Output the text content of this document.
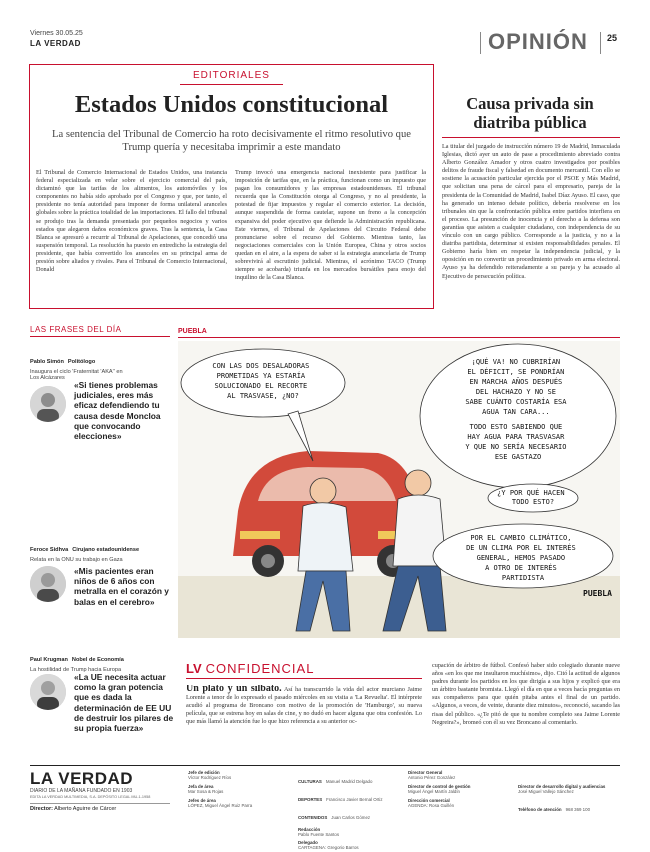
Viernes 30.05.25
LA VERDAD	OPINIÓN 25
EDITORIALES
Estados Unidos constitucional
La sentencia del Tribunal de Comercio ha roto decisivamente el ritmo resolutivo que Trump quería y necesitaba imprimir a este mandato

El Tribunal de Comercio Internacional de Estados Unidos, una instancia federal especializada en velar sobre el ejercicio comercial del país, dictaminó que las tarifas de los alimentos, los automóviles y los componentes no había sido aprobado por el Congreso y que, por tanto, el presidente no tenía autoridad para imponer de forma unilateral aranceles globales sobre la práctica totalidad de las importaciones. El fallo del tribunal se produjo tras la demanda presentada por pequeños negocios y varios estados que alegaron daños económicos graves. Tras la sentencia, la Casa Blanca se apresuró a recurrir al Tribunal de Apelaciones, que concedió una suspensión temporal. La resolución ha puesto en entredicho la estrategia del presidente, que había convertido los aranceles en su principal arma de presión sobre aliados y rivales. Para el Tribunal de Comercio Internacional, Donald

Trump invocó una emergencia nacional inexistente para justificar la imposición de tarifas que, en la práctica, funcionan como un impuesto que pagan los consumidores y las empresas estadounidenses. El tribunal recuerda que la Constitución otorga al Congreso, y no al presidente, la potestad de fijar impuestos y regular el comercio exterior. La decisión, aunque suspendida de forma cautelar, supone un freno a la concepción expansiva del poder ejecutivo que defiende la Administración republicana. Este viernes, el Tribunal de Apelaciones del Circuito Federal debe pronunciarse sobre el recurso del Gobierno. Mientras tanto, las negociaciones comerciales con la Unión Europea, China y otros socios quedan en el aire, a la espera de saber si la estrategia arancelaria de Trump sobrevivirá al escrutinio judicial. Mientras, el acrónimo TACO (Trump siempre se acobarda) triunfa en los mercados bursátiles para enojo del inquilino de la Casa Blanca.

Causa privada sin diatriba pública

La titular del juzgado de instrucción número 19 de Madrid, Inmaculada Iglesias, dictó ayer un auto de pase a procedimiento abreviado contra Alberto González Amador y otros cuatro investigados por posibles delitos de fraude fiscal y falsedad en documento mercantil. Con ello se sostiene la acusación particular ejercida por el PSOE y Más Madrid, que solicitan una pena de cárcel para el empresario, pareja de la presidenta de la Comunidad de Madrid, Isabel Díaz Ayuso. El caso, que ha generado un intenso debate político, debería resolverse en los tribunales sin que la confrontación pública entre partidos interfiera en el proceso. La presunción de inocencia y el derecho a la defensa son garantías que asisten a cualquier ciudadano, con independencia de su vínculo con un cargo público. Corresponde a la justicia, y no a la diatriba partidista, determinar si existen responsabilidades penales. El Gobierno haría bien en respetar la independencia judicial, y la oposición en no convertir un procedimiento privado en arma electoral. Ayuso ya ha defendido reiteradamente a su pareja y ha acusado al Ejecutivo de persecución política.

LAS FRASES DEL DÍA
Pablo Simón Politólogo
Inaugura el ciclo 'Fraternitat 'AKA'' en Los Alcázares
«Si tienes problemas judiciales, eres más eficaz defendiendo tu causa desde Moncloa que convocando elecciones»
Feroce Sidhva Cirujano estadounidense
Relata en la ONU su trabajo en Gaza
«Mis pacientes eran niños de 6 años con metralla en el corazón y balas en el cerebro»
Paul Krugman Nobel de Economía
La hostilidad de Trump hacia Europa
«La UE necesita actuar como la gran potencia que es dada la determinación de EE UU de destruir los pilares de su propia fuerza»
PUEBLA
CON LAS DOS DESALADORAS PROMETIDAS YA ESTARÍA SOLUCIONADO EL RECORTE AL TRASVASE, ¿NO?
¡QUÉ VA! NO CUBRIRÍAN EL DÉFICIT, SE PONDRÍAN EN MARCHA AÑOS DESPUÉS DEL HACHAZO Y NO SE SABE CUÁNTO COSTARÍA ESA AGUA TAN CARA... TODO ESTO SABIENDO QUE HAY AGUA PARA TRASVASAR Y QUE NO SERÍA NECESARIO ESE GASTAZO
¿Y POR QUÉ HACEN TODO ESTO?
POR EL CAMBIO CLIMÁTICO, DE UN CLIMA POR EL INTERÉS GENERAL, HEMOS PASADO A OTRO DE INTERÉS PARTIDISTA
PUEBLA
LV CONFIDENCIAL

Un plató y un silbato. Así ha transcurrido la vida del actor murciano Jaime Lorente a tenor de lo expresado el pasado miércoles en su visita a 'La Revuelta'. El intérprete acudió al programa de Broncano con motivo de la promoción de 'Hamburgo', su nueva película, que se estrena hoy en salas de cine, y no dudó en hacer alguna que otra confesión. Lo que más llamó la atención fue lo que hizo referencia a su anterior oc-

cupación de árbitro de fútbol. Confesó haber sido colegiado durante nueve años «en los que me insultaron muchísimo», dijo. Citó la actitud de algunos padres durante los partidos en los que dirigía a sus hijos y explicó que era un árbitro bastante bromista. Llegó el día en que a veces hacía preguntas en sus compañeros para que quién pitaba antes el final de un partido. «Algunos, a veces, de veinte, durante diez minutos», reconoció, sacando las risas del público. «¿Te pitó de que tu nombre completo sea Jaime Lorente Negreira?», bromeó con él su vez Broncano al comentarlo.

LA VERDAD
DIARIO DE LA MAÑANA FUNDADO EN 1903
EDITA LA VERDAD MULTIMEDIA, S.A. DEPÓSITO LEGAL MU-1-1958
Director: Alberto Aguirre de Cárcer
Jefe de edición
Víctor Rodríguez Ríos
Jefa de área
Mar Sosa & Rojas
Jefes de área
LÓPEZ, Miguel Ángel Ruiz Parra
CULTURAS Manuel Madrid Delgado
DEPORTES Francisco Javier Bernal Ortiz
CONTENIDOS Juan Carlos Gómez
Redacción
Pablo Fuente Santos
Delegado
CARTAGENA: Gregorio Barros
Director General
Antonio Pérez González
Director de control de gestión
Miguel Ángel Martín Jaldín
Dirección comercial
AGENDA: Rosa Guillén
Director de desarrollo digital y audiencias
José Miguel Vallejo Sánchez
Teléfono de atención 968 369 100
